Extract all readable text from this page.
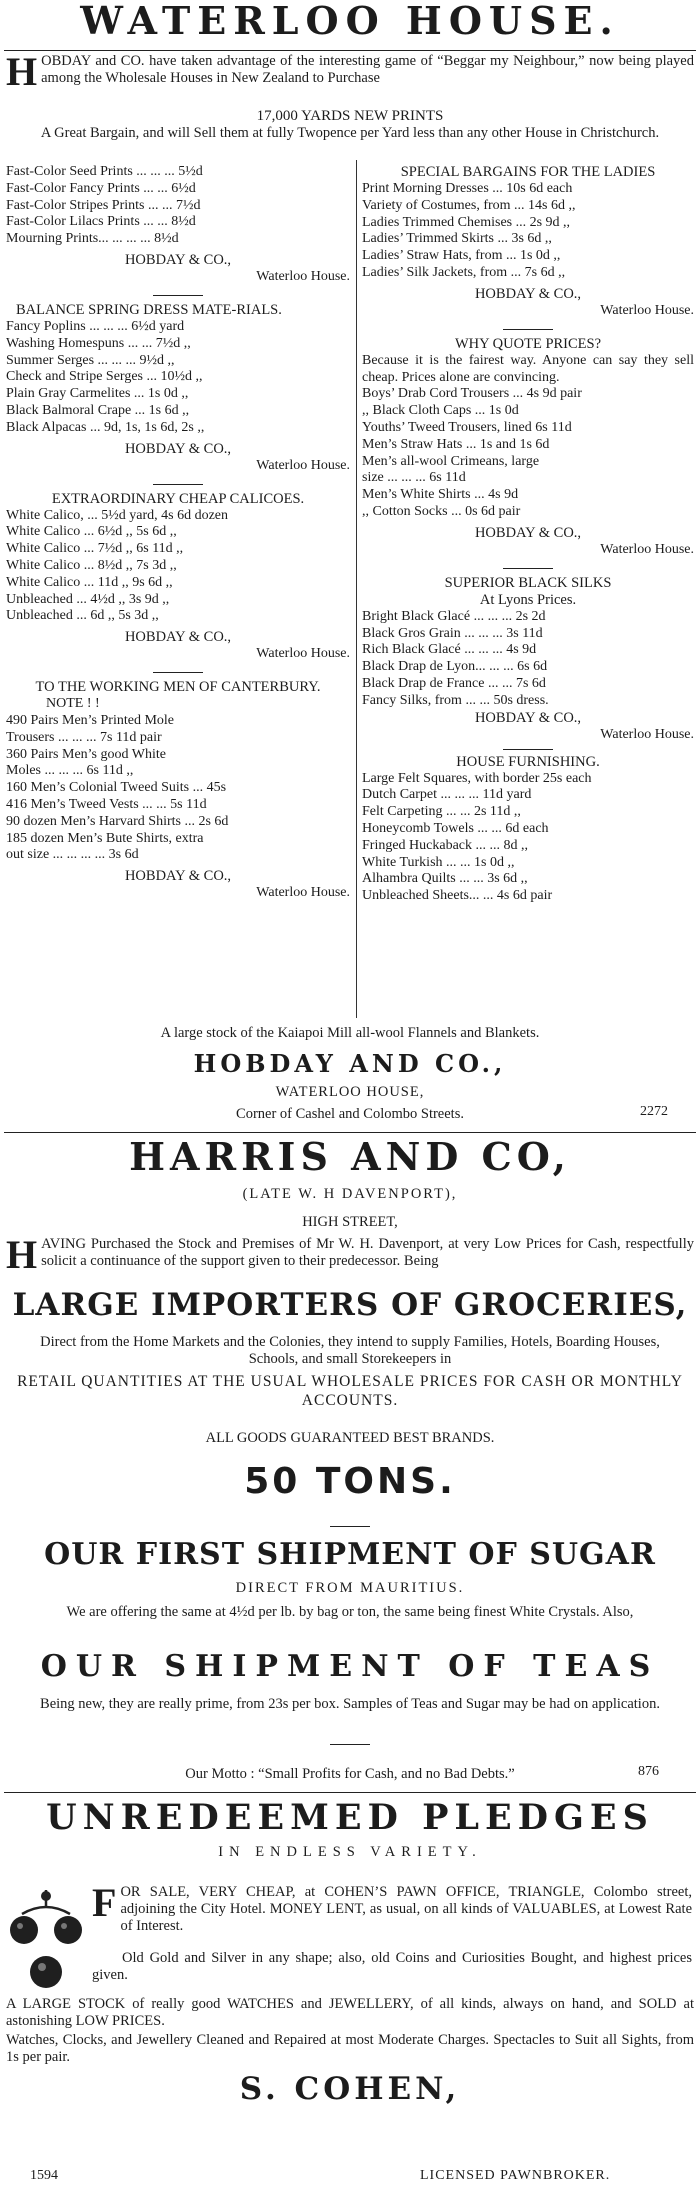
WATERLOO HOUSE.
H OBDAY and CO. have taken advantage of the interesting game of “Beggar my Neighbour,” now being played among the Wholesale Houses in New Zealand to Purchase

17,000 YARDS NEW PRINTS
A Great Bargain, and will Sell them at fully Twopence per Yard less than any other House in Christchurch.
Fast-Color Seed Prints ... ... ... 5½d
Fast-Color Fancy Prints ... ... 6½d
Fast-Color Stripes Prints ... ... 7½d
Fast-Color Lilacs Prints ... ... 8½d
Mourning Prints... ... ... ... 8½d
HOBDAY & CO.,
Waterloo House.
BALANCE SPRING DRESS MATE-RIALS.
Fancy Poplins ... ... ... 6½d yard
Washing Homespuns ... ... 7½d ,,
Summer Serges ... ... ... 9½d ,,
Check and Stripe Serges ... 10½d ,,
Plain Gray Carmelites ... 1s 0d ,,
Black Balmoral Crape ... 1s 6d ,,
Black Alpacas ... 9d, 1s, 1s 6d, 2s ,,
HOBDAY & CO.,
Waterloo House.
EXTRAORDINARY CHEAP CALICOES.
White Calico, ... 5½d yard, 4s 6d dozen
White Calico ... 6½d ,, 5s 6d ,,
White Calico ... 7½d ,, 6s 11d ,,
White Calico ... 8½d ,, 7s 3d ,,
White Calico ... 11d ,, 9s 6d ,,
Unbleached ... 4½d ,, 3s 9d ,,
Unbleached ... 6d ,, 5s 3d ,,
HOBDAY & CO.,
Waterloo House.
TO THE WORKING MEN OF CANTERBURY.
NOTE ! !
490 Pairs Men’s Printed Mole
Trousers ... ... ... 7s 11d pair
360 Pairs Men’s good White
Moles ... ... ... 6s 11d ,,
160 Men’s Colonial Tweed Suits ... 45s
416 Men’s Tweed Vests ... ... 5s 11d
90 dozen Men’s Harvard Shirts ... 2s 6d
185 dozen Men’s Bute Shirts, extra
out size ... ... ... ... 3s 6d
HOBDAY & CO.,
Waterloo House.
SPECIAL BARGAINS FOR THE LADIES
Print Morning Dresses ... 10s 6d each
Variety of Costumes, from ... 14s 6d ,,
Ladies Trimmed Chemises ... 2s 9d ,,
Ladies’ Trimmed Skirts ... 3s 6d ,,
Ladies’ Straw Hats, from ... 1s 0d ,,
Ladies’ Silk Jackets, from ... 7s 6d ,,
HOBDAY & CO.,
Waterloo House.
WHY QUOTE PRICES?

Because it is the fairest way. Anyone can say they sell cheap. Prices alone are convincing.

Boys’ Drab Cord Trousers ... 4s 9d pair
,, Black Cloth Caps ... 1s 0d
Youths’ Tweed Trousers, lined 6s 11d
Men’s Straw Hats ... 1s and 1s 6d
Men’s all-wool Crimeans, large
size ... ... ... 6s 11d
Men’s White Shirts ... 4s 9d
,, Cotton Socks ... 0s 6d pair
HOBDAY & CO.,
Waterloo House.
SUPERIOR BLACK SILKS
At Lyons Prices.
Bright Black Glacé ... ... ... 2s 2d
Black Gros Grain ... ... ... 3s 11d
Rich Black Glacé ... ... ... 4s 9d
Black Drap de Lyon... ... ... 6s 6d
Black Drap de France ... ... 7s 6d
Fancy Silks, from ... ... 50s dress.
HOBDAY & CO.,
Waterloo House.
HOUSE FURNISHING.
Large Felt Squares, with border 25s each
Dutch Carpet ... ... ... 11d yard
Felt Carpeting ... ... 2s 11d ,,
Honeycomb Towels ... ... 6d each
Fringed Huckaback ... ... 8d ,,
White Turkish ... ... 1s 0d ,,
Alhambra Quilts ... ... 3s 6d ,,
Unbleached Sheets... ... 4s 6d pair
A large stock of the Kaiapoi Mill all-wool Flannels and Blankets.
HOBDAY AND CO.,
WATERLOO HOUSE,
Corner of Cashel and Colombo Streets.	2272
HARRIS AND CO,
(LATE W. H DAVENPORT),
HIGH STREET,
H AVING Purchased the Stock and Premises of Mr W. H. Davenport, at very Low Prices for Cash, respectfully solicit a continuance of the support given to their predecessor. Being

LARGE IMPORTERS OF GROCERIES,
Direct from the Home Markets and the Colonies, they intend to supply Families, Hotels, Boarding Houses, Schools, and small Storekeepers in
RETAIL QUANTITIES AT THE USUAL WHOLESALE PRICES FOR CASH OR MONTHLY ACCOUNTS.
ALL GOODS GUARANTEED BEST BRANDS.
50 TONS.
OUR FIRST SHIPMENT OF SUGAR
DIRECT FROM MAURITIUS.
We are offering the same at 4½d per lb. by bag or ton, the same being finest White Crystals. Also,
OUR SHIPMENT OF TEAS
Being new, they are really prime, from 23s per box. Samples of Teas and Sugar may be had on application.
Our Motto : “Small Profits for Cash, and no Bad Debts.”	876
UNREDEEMED PLEDGES
IN ENDLESS VARIETY.
F OR SALE, VERY CHEAP, at COHEN’S PAWN OFFICE, TRIANGLE, Colombo street, adjoining the City Hotel. MONEY LENT, as usual, on all kinds of VALUABLES, at Lowest Rate of Interest.

Old Gold and Silver in any shape; also, old Coins and Curiosities Bought, and highest prices given.

A LARGE STOCK of really good WATCHES and JEWELLERY, of all kinds, always on hand, and SOLD at astonishing LOW PRICES.

Watches, Clocks, and Jewellery Cleaned and Repaired at most Moderate Charges. Spectacles to Suit all Sights, from 1s per pair.

S. COHEN,
1594	LICENSED PAWNBROKER.
